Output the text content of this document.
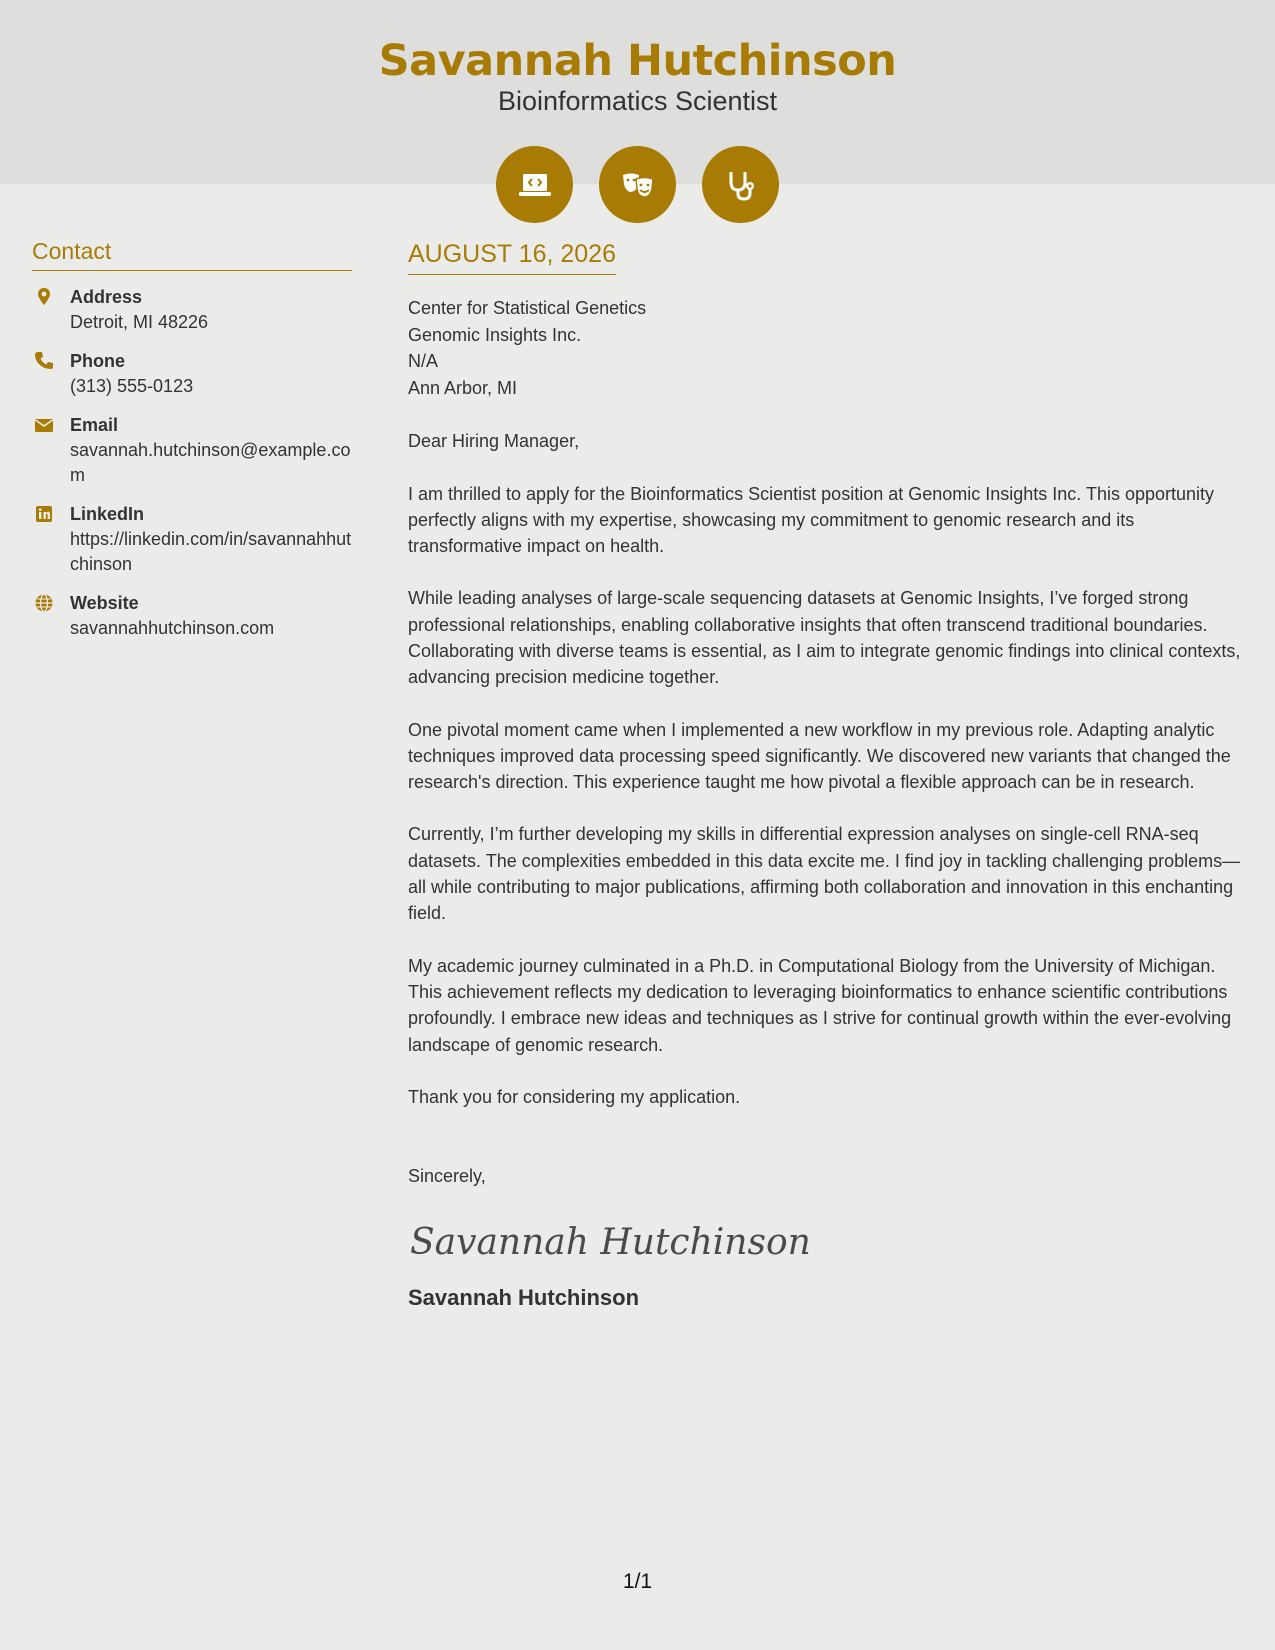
Savannah Hutchinson
Bioinformatics Scientist
Contact
Address
Detroit, MI 48226
Phone
(313) 555-0123
Email
savannah.hutchinson@example.com
LinkedIn
https://linkedin.com/in/savannahhutchinson
Website
savannahhutchinson.com
AUGUST 16, 2026
Center for Statistical Genetics
Genomic Insights Inc.
N/A
Ann Arbor, MI
Dear Hiring Manager,

I am thrilled to apply for the Bioinformatics Scientist position at Genomic Insights Inc. This opportunity perfectly aligns with my expertise, showcasing my commitment to genomic research and its transformative impact on health.

While leading analyses of large-scale sequencing datasets at Genomic Insights, I’ve forged strong professional relationships, enabling collaborative insights that often transcend traditional boundaries. Collaborating with diverse teams is essential, as I aim to integrate genomic findings into clinical contexts, advancing precision medicine together.

One pivotal moment came when I implemented a new workflow in my previous role. Adapting analytic techniques improved data processing speed significantly. We discovered new variants that changed the research's direction. This experience taught me how pivotal a flexible approach can be in research.

Currently, I’m further developing my skills in differential expression analyses on single-cell RNA-seq datasets. The complexities embedded in this data excite me. I find joy in tackling challenging problems—all while contributing to major publications, affirming both collaboration and innovation in this enchanting field.

My academic journey culminated in a Ph.D. in Computational Biology from the University of Michigan. This achievement reflects my dedication to leveraging bioinformatics to enhance scientific contributions profoundly. I embrace new ideas and techniques as I strive for continual growth within the ever-evolving landscape of genomic research.

Thank you for considering my application.

Sincerely,
Savannah Hutchinson
Savannah Hutchinson
1/1
